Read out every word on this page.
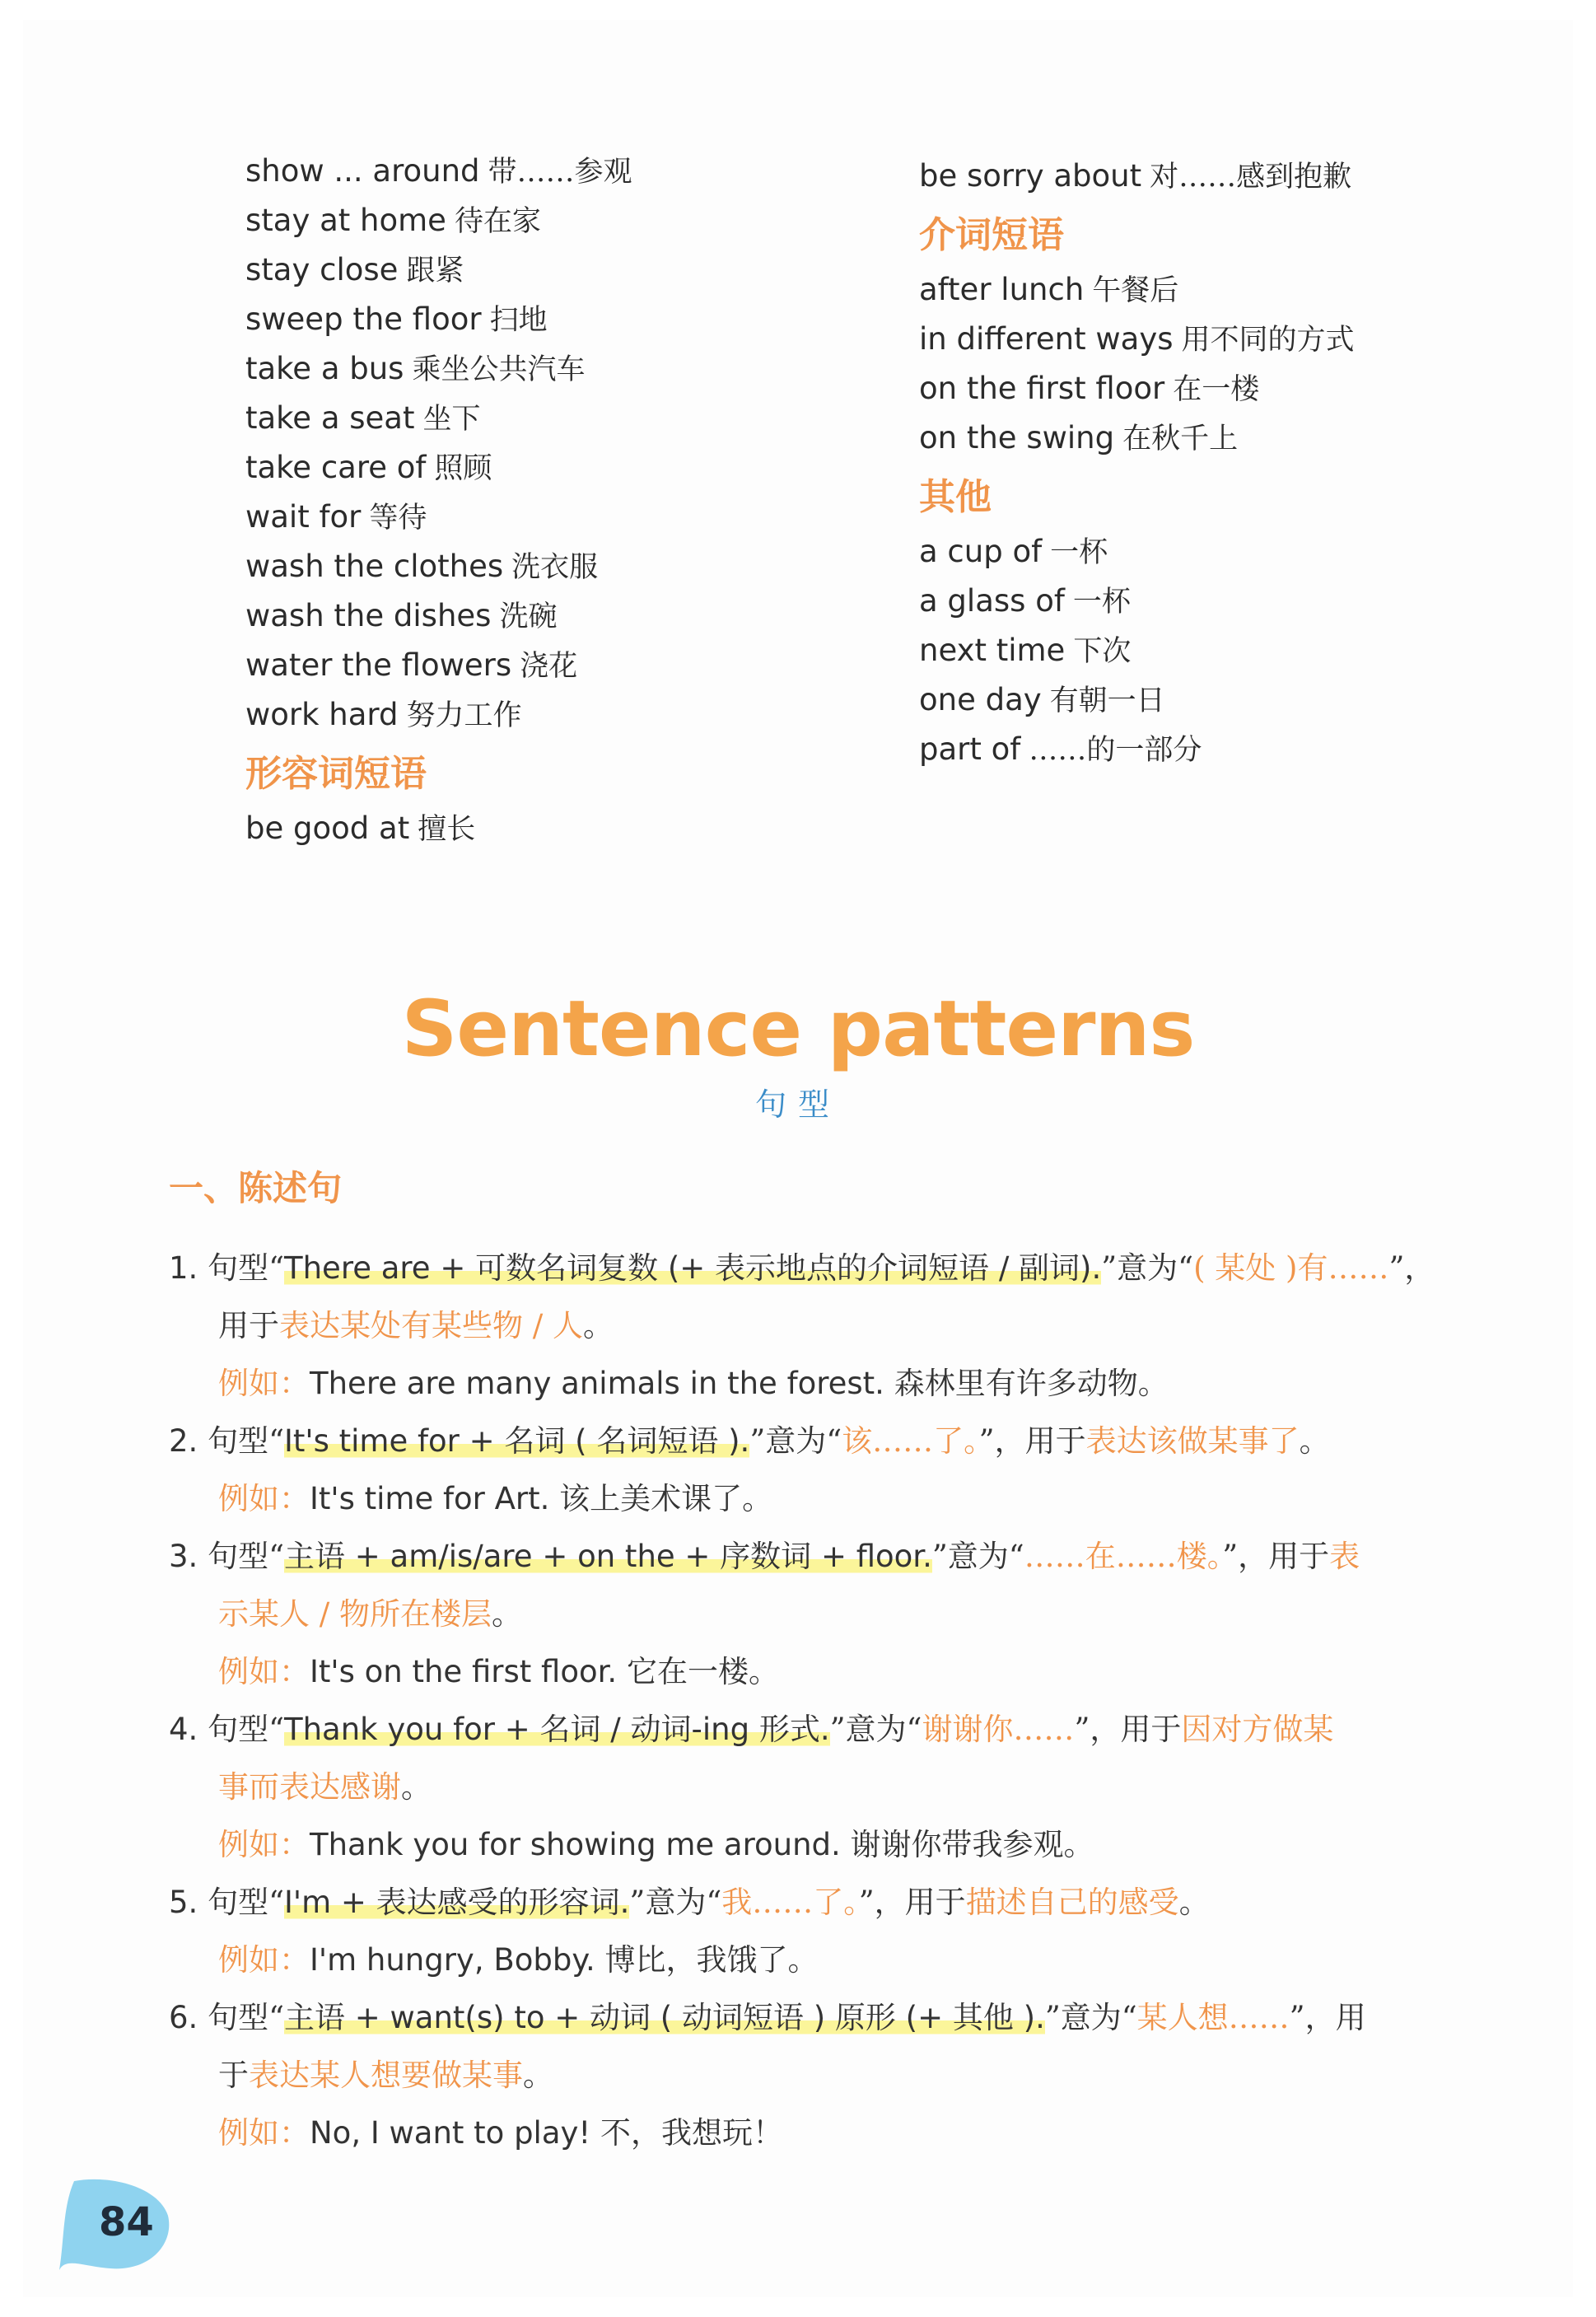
show ... around 带……参观
stay at home 待在家
stay close 跟紧
sweep the floor 扫地
take a bus 乘坐公共汽车
take a seat 坐下
take care of 照顾
wait for 等待
wash the clothes 洗衣服
wash the dishes 洗碗
water the flowers 浇花
work hard 努力工作
形容词短语
be good at 擅长
be sorry about 对……感到抱歉
介词短语
after lunch 午餐后
in different ways 用不同的方式
on the first floor 在一楼
on the swing 在秋千上
其他
a cup of 一杯
a glass of 一杯
next time 下次
one day 有朝一日
part of ……的一部分
Sentence patterns
句型
一、陈述句
1. 句型“There are + 可数名词复数 (+ 表示地点的介词短语 / 副词).”意为“( 某处 )有……”，
用于表达某处有某些物 / 人。
例如：There are many animals in the forest. 森林里有许多动物。
2. 句型“It's time for + 名词 ( 名词短语 ).”意为“该……了。”，用于表达该做某事了。
例如：It's time for Art. 该上美术课了。
3. 句型“主语 + am/is/are + on the + 序数词 + floor.”意为“……在……楼。”，用于表
示某人 / 物所在楼层。
例如：It's on the first floor. 它在一楼。
4. 句型“Thank you for + 名词 / 动词-ing 形式.”意为“谢谢你……”，用于因对方做某
事而表达感谢。
例如：Thank you for showing me around. 谢谢你带我参观。
5. 句型“I'm + 表达感受的形容词.”意为“我……了。”，用于描述自己的感受。
例如：I'm hungry, Bobby. 博比，我饿了。
6. 句型“主语 + want(s) to + 动词 ( 动词短语 ) 原形 (+ 其他 ).”意为“某人想……”，用
于表达某人想要做某事。
例如：No, I want to play! 不，我想玩！
84
